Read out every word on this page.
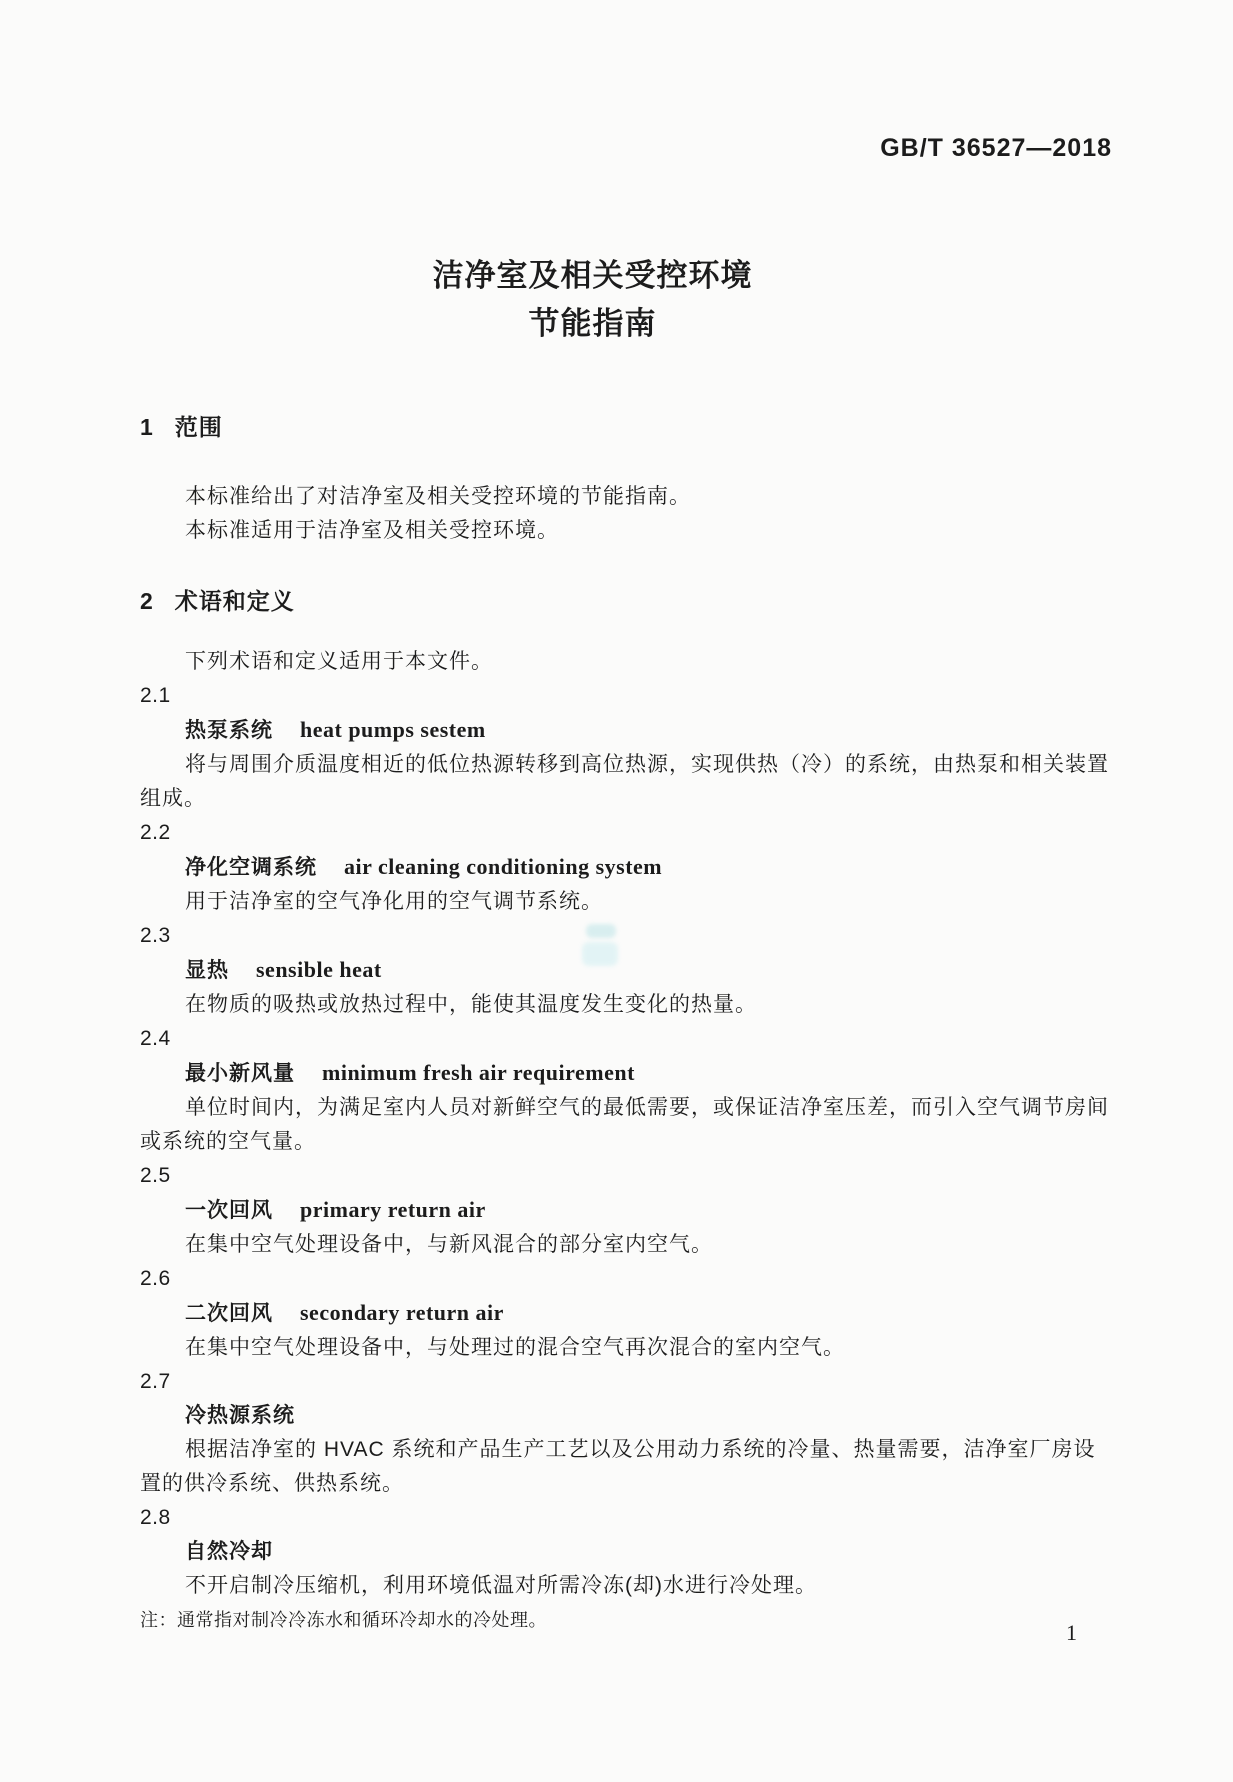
GB/T 36527—2018
洁净室及相关受控环境
节能指南
1 范围
本标准给出了对洁净室及相关受控环境的节能指南。
本标准适用于洁净室及相关受控环境。
2 术语和定义
下列术语和定义适用于本文件。
2.1
热泵系统 heat pumps sestem
将与周围介质温度相近的低位热源转移到高位热源，实现供热（冷）的系统，由热泵和相关装置组成。
2.2
净化空调系统 air cleaning conditioning system
用于洁净室的空气净化用的空气调节系统。
2.3
显热 sensible heat
在物质的吸热或放热过程中，能使其温度发生变化的热量。
2.4
最小新风量 minimum fresh air requirement
单位时间内，为满足室内人员对新鲜空气的最低需要，或保证洁净室压差，而引入空气调节房间或系统的空气量。
2.5
一次回风 primary return air
在集中空气处理设备中，与新风混合的部分室内空气。
2.6
二次回风 secondary return air
在集中空气处理设备中，与处理过的混合空气再次混合的室内空气。
2.7
冷热源系统
根据洁净室的 HVAC 系统和产品生产工艺以及公用动力系统的冷量、热量需要，洁净室厂房设置的供冷系统、供热系统。
2.8
自然冷却
不开启制冷压缩机，利用环境低温对所需冷冻(却)水进行冷处理。
注：通常指对制冷冷冻水和循环冷却水的冷处理。	1
